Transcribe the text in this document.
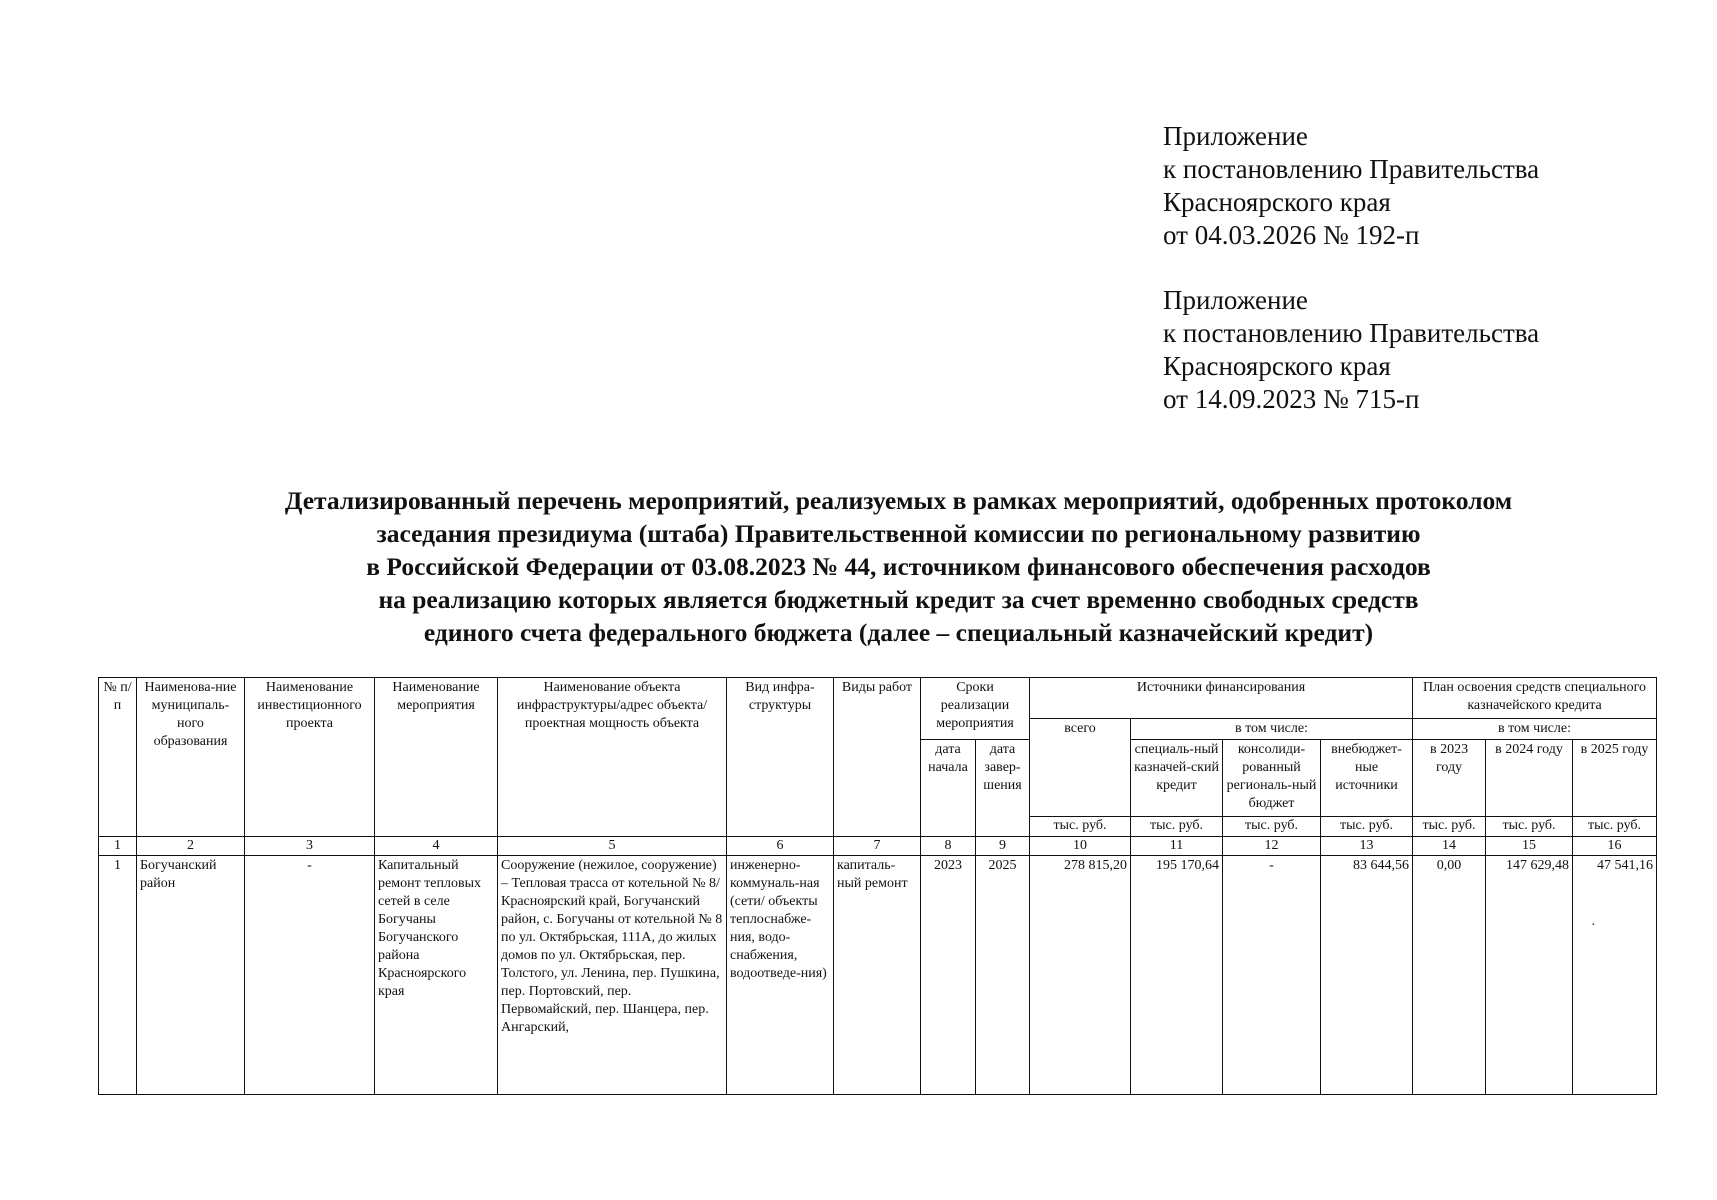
Приложение
к постановлению Правительства
Красноярского края
от 04.03.2026 № 192-п
Приложение
к постановлению Правительства
Красноярского края
от 14.09.2023 № 715-п
Детализированный перечень мероприятий, реализуемых в рамках мероприятий, одобренных протоколом
заседания президиума (штаба) Правительственной комиссии по региональному развитию
в Российской Федерации от 03.08.2023 № 44, источником финансового обеспечения расходов
на реализацию которых является бюджетный кредит за счет временно свободных средств
единого счета федерального бюджета (далее – специальный казначейский кредит)
№ п/п	Наименова-ние муниципаль-ного образования	Наименование инвестиционного проекта	Наименование мероприятия	Наименование объекта инфраструктуры/адрес объекта/ проектная мощность объекта	Вид инфра-структуры	Виды работ	Сроки реализации мероприятия		Источники финансирования				План освоения средств специального казначейского кредита		
									всего	в том числе:			в том числе:		
							дата начала	дата завер-шения		специаль-ный казначей-ский кредит	консолиди-рованный региональ-ный бюджет	внебюджет-ные источники	в 2023 году	в 2024 году	в 2025 году
									тыс. руб.	тыс. руб.	тыс. руб.	тыс. руб.	тыс. руб.	тыс. руб.	тыс. руб.
1	2	3	4	5	6	7	8	9	10	11	12	13	14	15	16
1	Богучанский район	-	Капитальный ремонт тепловых сетей в селе Богучаны Богучанского района Красноярского края	Сооружение (нежилое, сооружение) – Тепловая трасса от котельной № 8/ Красноярский край, Богучанский район, с. Богучаны от котельной № 8 по ул. Октябрьская, 111А, до жилых домов по ул. Октябрьская, пер. Толстого, ул. Ленина, пер. Пушкина, пер. Портовский, пер. Первомайский, пер. Шанцера, пер. Ангарский,	инженерно-коммуналь-ная (сети/ объекты теплоснабже-ния, водо-снабжения, водоотведе-ния)	капиталь-ный ремонт	2023	2025	278 815,20	195 170,64	-	83 644,56	0,00	147 629,48	47 541,16
·
